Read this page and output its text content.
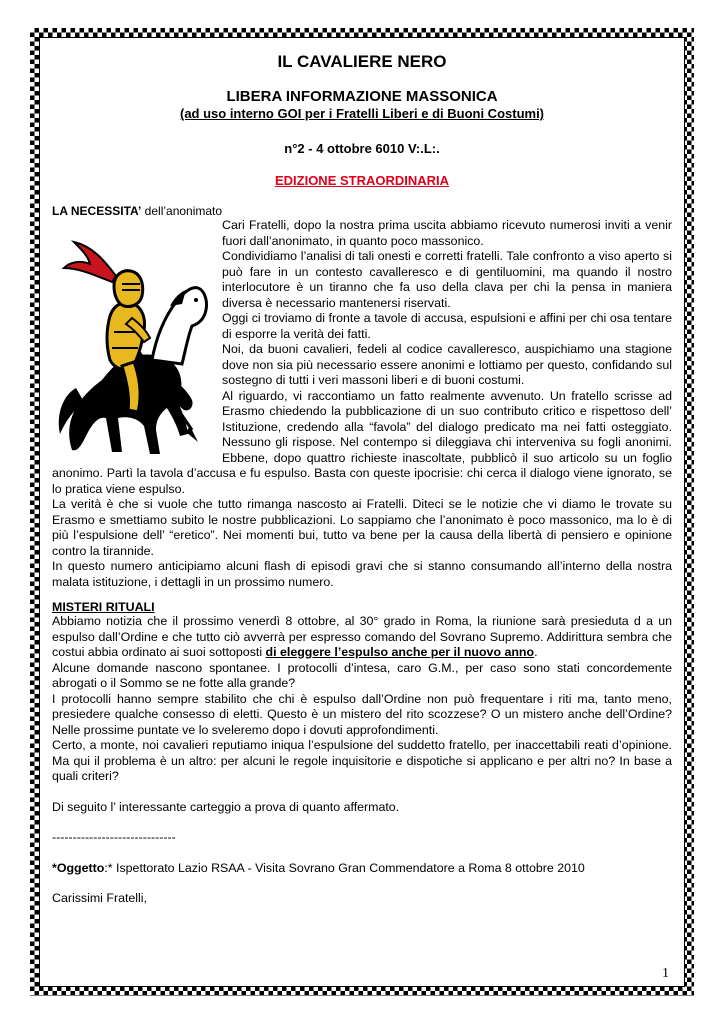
IL CAVALIERE NERO
LIBERA INFORMAZIONE MASSONICA
(ad uso interno GOI per i Fratelli Liberi e di Buoni Costumi)
n°2 - 4 ottobre 6010 V:.L:.
EDIZIONE STRAORDINARIA
LA NECESSITA’ dell’anonimato

Cari Fratelli, dopo la nostra prima uscita abbiamo ricevuto numerosi inviti a venir fuori dall’anonimato, in quanto poco massonico.

Condividiamo l’analisi di tali onesti e corretti fratelli. Tale confronto a viso aperto si può fare in un contesto cavalleresco e di gentiluomini, ma quando il nostro interlocutore è un tiranno che fa uso della clava per chi la pensa in maniera diversa è necessario mantenersi riservati.

Oggi ci troviamo di fronte a tavole di accusa, espulsioni e affini per chi osa tentare di esporre la verità dei fatti.

Noi, da buoni cavalieri, fedeli al codice cavalleresco, auspichiamo una stagione dove non sia più necessario essere anonimi e lottiamo per questo, confidando sul sostegno di tutti i veri massoni liberi e di buoni costumi.

Al riguardo, vi raccontiamo un fatto realmente avvenuto. Un fratello scrisse ad Erasmo chiedendo la pubblicazione di un suo contributo critico e rispettoso dell’ Istituzione, credendo alla “favola” del dialogo predicato ma nei fatti osteggiato. Nessuno gli rispose. Nel contempo si dileggiava chi interveniva su fogli anonimi. Ebbene, dopo quattro richieste inascoltate, pubblicò il suo articolo su un foglio anonimo. Partì la tavola d’accusa e fu espulso. Basta con queste ipocrisie: chi cerca il dialogo viene ignorato, se lo pratica viene espulso.

La verità è che si vuole che tutto rimanga nascosto ai Fratelli. Diteci se le notizie che vi diamo le trovate su Erasmo e smettiamo subito le nostre pubblicazioni. Lo sappiamo che l’anonimato è poco massonico, ma lo è di più l’espulsione dell’ “eretico”. Nei momenti bui, tutto va bene per la causa della libertà di pensiero e opinione contro la tirannide.

In questo numero anticipiamo alcuni flash di episodi gravi che si stanno consumando all’interno della nostra malata istituzione, i dettagli in un prossimo numero.

MISTERI RITUALI

Abbiamo notizia che il prossimo venerdì 8 ottobre, al 30° grado in Roma, la riunione sarà presieduta d a un espulso dall’Ordine e che tutto ciò avverrà per espresso comando del Sovrano Supremo. Addirittura sembra che costui abbia ordinato ai suoi sottoposti di eleggere l’espulso anche per il nuovo anno.

Alcune domande nascono spontanee. I protocolli d’intesa, caro G.M., per caso sono stati concordemente abrogati o il Sommo se ne fotte alla grande?

I protocolli hanno sempre stabilito che chi è espulso dall’Ordine non può frequentare i riti ma, tanto meno, presiedere qualche consesso di eletti. Questo è un mistero del rito scozzese? O un mistero anche dell’Ordine? Nelle prossime puntate ve lo sveleremo dopo i dovuti approfondimenti.

Certo, a monte, noi cavalieri reputiamo iniqua l’espulsione del suddetto fratello, per inaccettabili reati d’opinione. Ma qui il problema è un altro: per alcuni le regole inquisitorie e dispotiche si applicano e per altri no? In base a quali criteri?

Di seguito l’ interessante carteggio a prova di quanto affermato.

------------------------------

*Oggetto:* Ispettorato Lazio RSAA - Visita Sovrano Gran Commendatore a Roma 8 ottobre 2010

Carissimi Fratelli,

1
